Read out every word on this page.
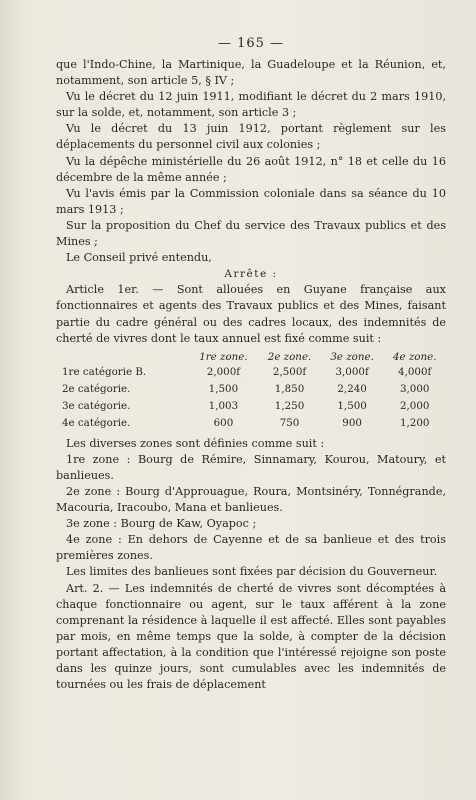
— 165 —

que l'Indo-Chine, la Martinique, la Guadeloupe et la Réunion, et, notamment, son article 5, § IV ;

Vu le décret du 12 juin 1911, modifiant le décret du 2 mars 1910, sur la solde, et, notamment, son article 3 ;

Vu le décret du 13 juin 1912, portant règlement sur les déplacements du personnel civil aux colonies ;

Vu la dépêche ministérielle du 26 août 1912, n° 18 et celle du 16 décembre de la même année ;

Vu l'avis émis par la Commission coloniale dans sa séance du 10 mars 1913 ;

Sur la proposition du Chef du service des Travaux publics et des Mines ;

Le Conseil privé entendu,

Arrête :

Article 1er. — Sont allouées en Guyane française aux fonctionnaires et agents des Travaux publics et des Mines, faisant partie du cadre général ou des cadres locaux, des indemnités de cherté de vivres dont le taux annuel est fixé comme suit :

	1re zone.	2e zone.	3e zone.	4e zone.
1re catégorie B.	2,000f	2,500f	3,000f	4,000f
2e catégorie.	1,500	1,850	2,240	3,000
3e catégorie.	1,003	1,250	1,500	2,000
4e catégorie.	600	750	900	1,200

Les diverses zones sont définies comme suit :

1re zone : Bourg de Rémire, Sinnamary, Kourou, Matoury, et banlieues.

2e zone : Bourg d'Approuague, Roura, Montsinéry, Tonnégrande, Macouria, Iracoubo, Mana et banlieues.

3e zone : Bourg de Kaw, Oyapoc ;

4e zone : En dehors de Cayenne et de sa banlieue et des trois premières zones.

Les limites des banlieues sont fixées par décision du Gouverneur.

Art. 2. — Les indemnités de cherté de vivres sont décomptées à chaque fonctionnaire ou agent, sur le taux afférent à la zone comprenant la résidence à laquelle il est affecté. Elles sont payables par mois, en même temps que la solde, à compter de la décision portant affectation, à la condition que l'intéressé rejoigne son poste dans les quinze jours, sont cumulables avec les indemnités de tournées ou les frais de déplacement
